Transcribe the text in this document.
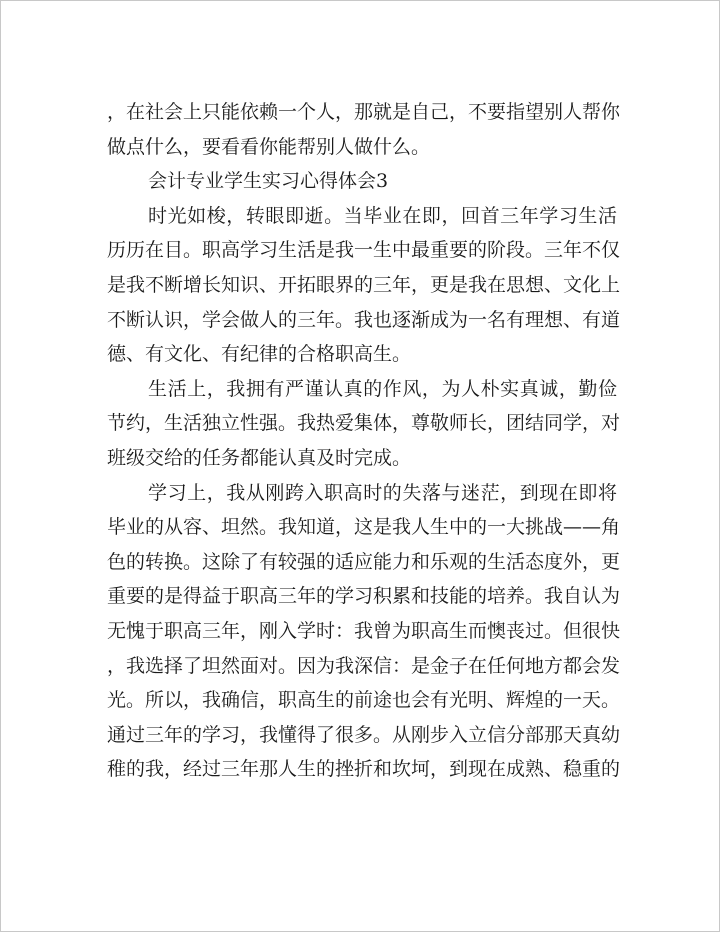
，在社会上只能依赖一个人，那就是自己，不要指望别人帮你
做点什么，要看看你能帮别人做什么。
会计专业学生实习心得体会3
时光如梭，转眼即逝。当毕业在即，回首三年学习生活
历历在目。职高学习生活是我一生中最重要的阶段。三年不仅
是我不断增长知识、开拓眼界的三年，更是我在思想、文化上
不断认识，学会做人的三年。我也逐渐成为一名有理想、有道
德、有文化、有纪律的合格职高生。
生活上，我拥有严谨认真的作风，为人朴实真诚，勤俭
节约，生活独立性强。我热爱集体，尊敬师长，团结同学，对
班级交给的任务都能认真及时完成。
学习上，我从刚跨入职高时的失落与迷茫，到现在即将
毕业的从容、坦然。我知道，这是我人生中的一大挑战——角
色的转换。这除了有较强的适应能力和乐观的生活态度外，更
重要的是得益于职高三年的学习积累和技能的培养。我自认为
无愧于职高三年，刚入学时：我曾为职高生而懊丧过。但很快
，我选择了坦然面对。因为我深信：是金子在任何地方都会发
光。所以，我确信，职高生的前途也会有光明、辉煌的一天。
通过三年的学习，我懂得了很多。从刚步入立信分部那天真幼
稚的我，经过三年那人生的挫折和坎坷，到现在成熟、稳重的
